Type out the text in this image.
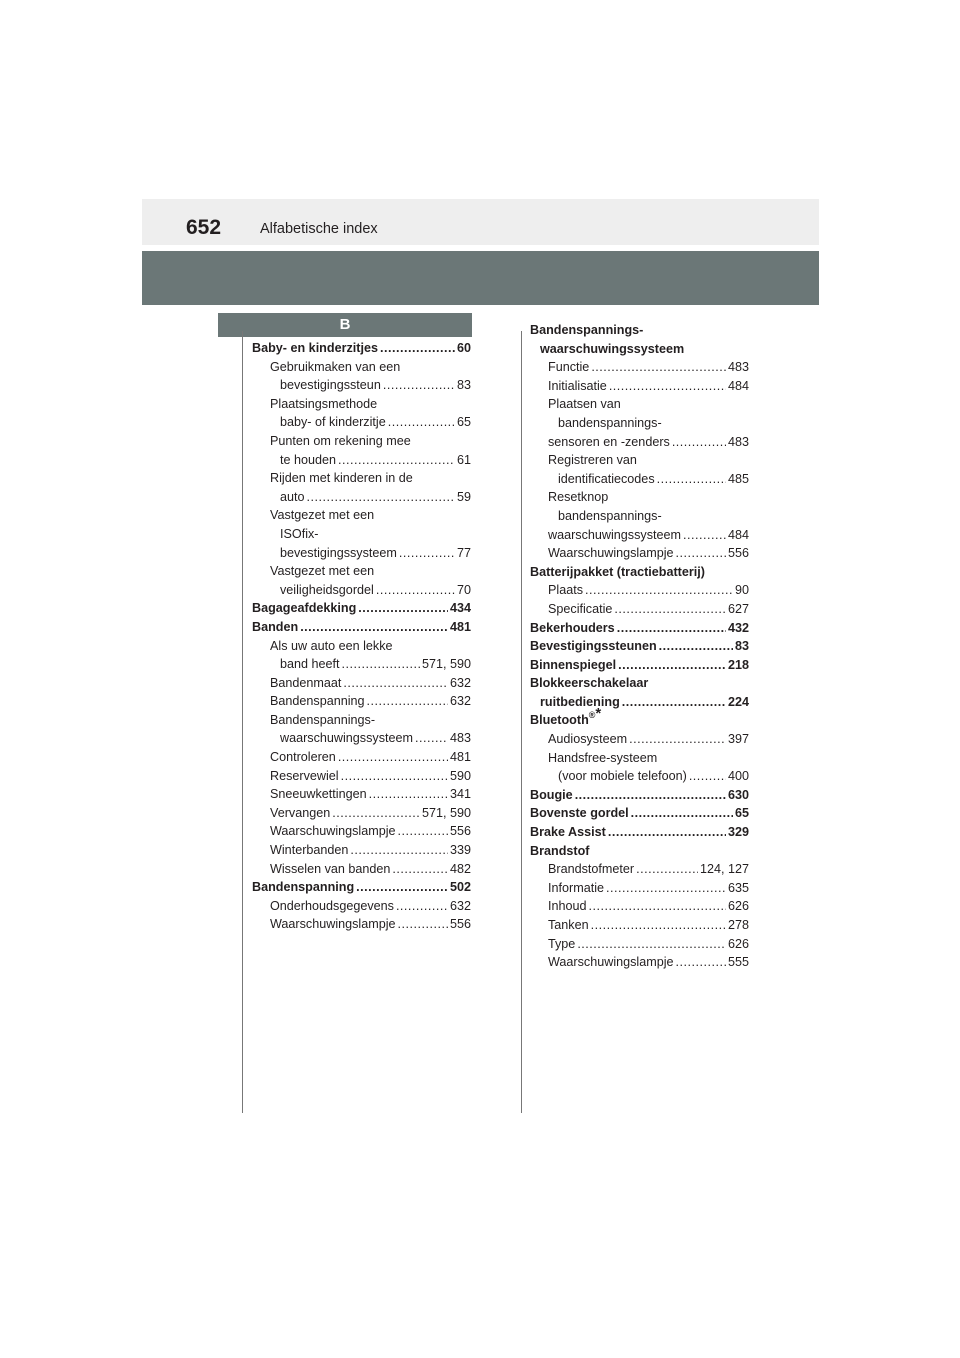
652	Alfabetische index
B
Baby- en kinderzitjes .....	60
Gebruikmaken van een
bevestigingssteun .....	83
Plaatsingsmethode
baby- of kinderzitje .....	65
Punten om rekening mee
te houden .....	61
Rijden met kinderen in de
auto .....	59
Vastgezet met een
ISOfix-
bevestigingssysteem .....	77
Vastgezet met een
veiligheidsgordel .....	70
Bagageafdekking .....	434
Banden .....	481
Als uw auto een lekke
band heeft .....	571, 590
Bandenmaat .....	632
Bandenspanning .....	632
Bandenspannings-
waarschuwingssysteem .....	483
Controleren .....	481
Reservewiel .....	590
Sneeuwkettingen .....	341
Vervangen .....	571, 590
Waarschuwingslampje .....	556
Winterbanden .....	339
Wisselen van banden .....	482
Bandenspanning .....	502
Onderhoudsgegevens .....	632
Waarschuwingslampje .....	556
Bandenspannings-
waarschuwingssysteem
Functie .....	483
Initialisatie .....	484
Plaatsen van
bandenspannings-
sensoren en -zenders .....	483
Registreren van
identificatiecodes .....	485
Resetknop
bandenspannings-
waarschuwingssysteem .....	484
Waarschuwingslampje .....	556
Batterijpakket (tractiebatterij)
Plaats .....	90
Specificatie .....	627
Bekerhouders .....	432
Bevestigingssteunen .....	83
Binnenspiegel .....	218
Blokkeerschakelaar
ruitbediening .....	224
Bluetooth®*
Audiosysteem .....	397
Handsfree-systeem
(voor mobiele telefoon) .....	400
Bougie .....	630
Bovenste gordel .....	65
Brake Assist .....	329
Brandstof
Brandstofmeter .....	124, 127
Informatie .....	635
Inhoud .....	626
Tanken .....	278
Type .....	626
Waarschuwingslampje .....	555
